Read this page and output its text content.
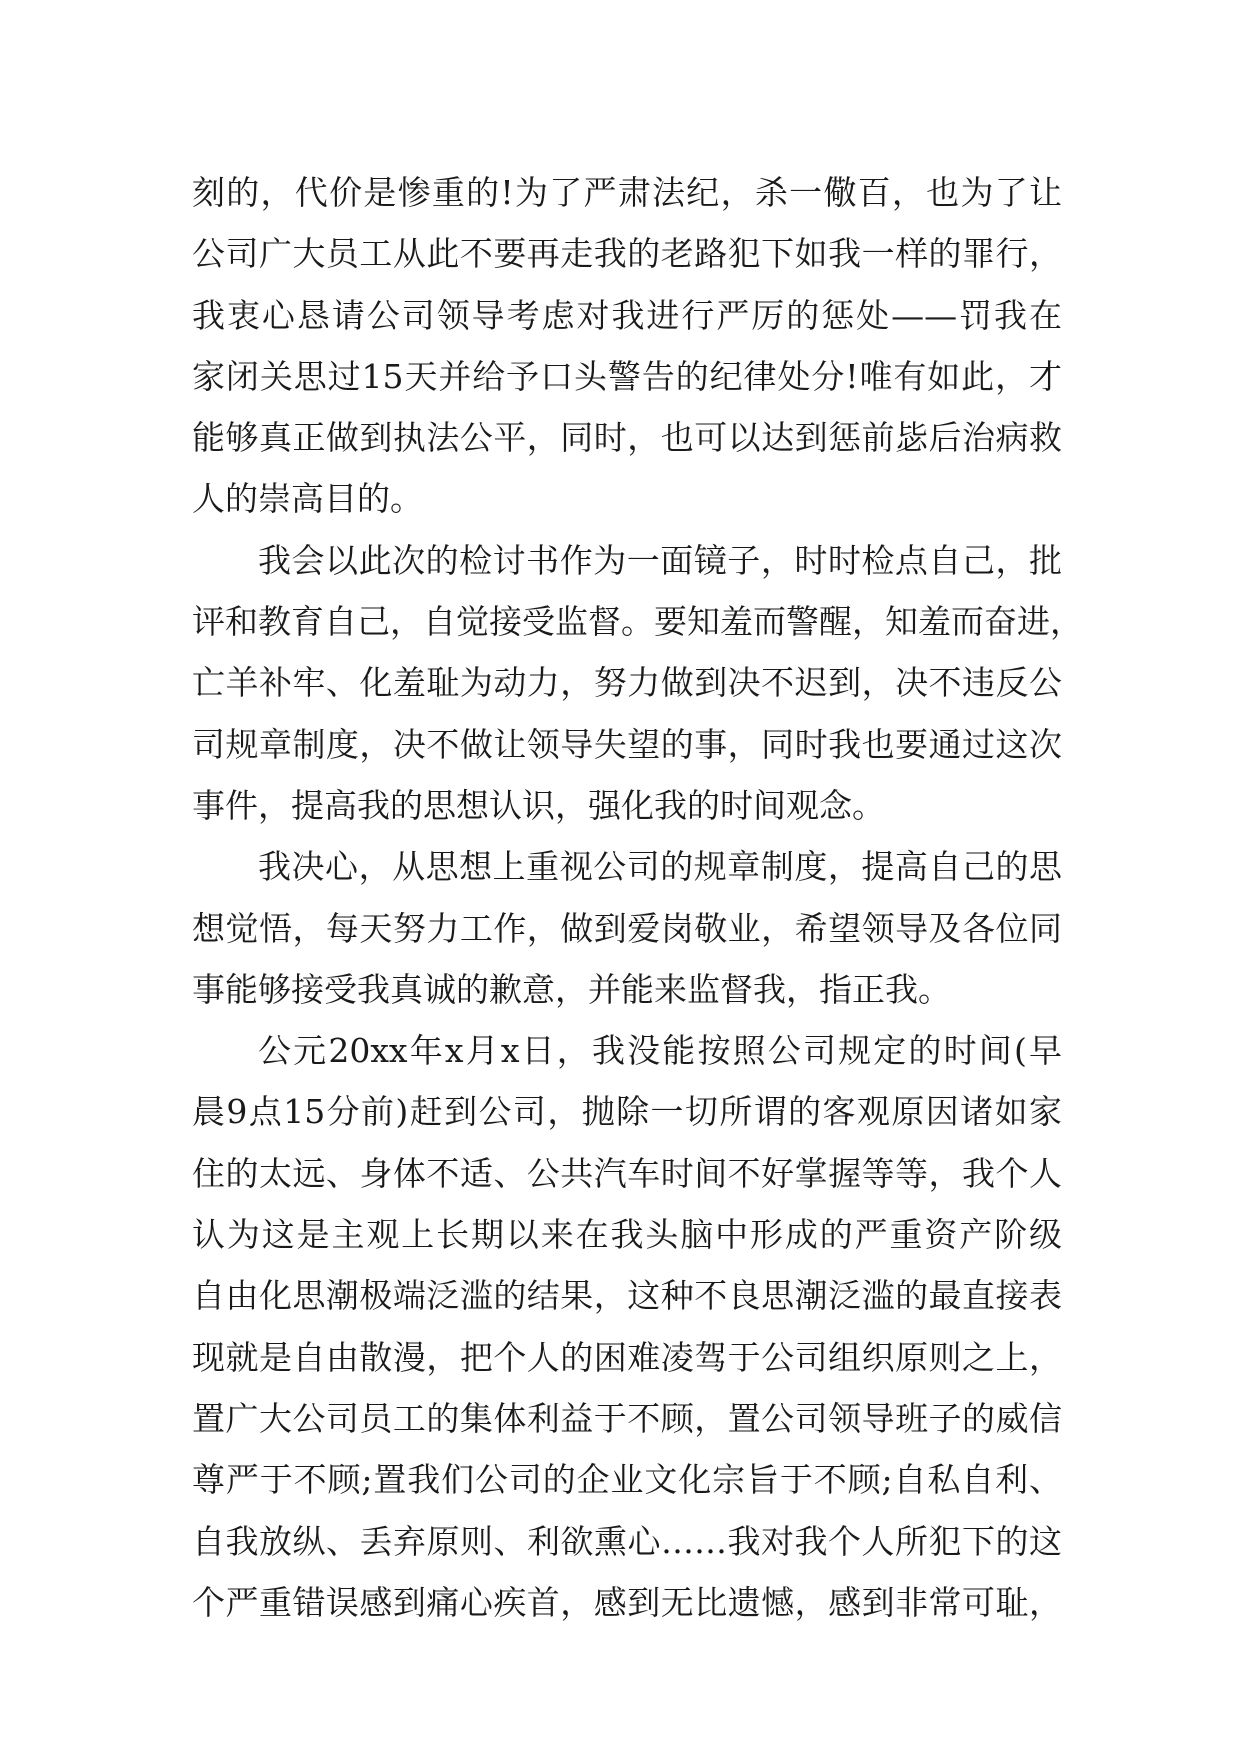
刻的，代价是惨重的!为了严肃法纪，杀一儆百，也为了让
公司广大员工从此不要再走我的老路犯下如我一样的罪行，
我衷心恳请公司领导考虑对我进行严厉的惩处——罚我在
家闭关思过15天并给予口头警告的纪律处分!唯有如此，才
能够真正做到执法公平，同时，也可以达到惩前毖后治病救
人的崇高目的。
我会以此次的检讨书作为一面镜子，时时检点自己，批
评和教育自己，自觉接受监督。要知羞而警醒，知羞而奋进，
亡羊补牢、化羞耻为动力，努力做到决不迟到，决不违反公
司规章制度，决不做让领导失望的事，同时我也要通过这次
事件，提高我的思想认识，强化我的时间观念。
我决心，从思想上重视公司的规章制度，提高自己的思
想觉悟，每天努力工作，做到爱岗敬业，希望领导及各位同
事能够接受我真诚的歉意，并能来监督我，指正我。
公元20xx年x月x日，我没能按照公司规定的时间(早
晨9点15分前)赶到公司，抛除一切所谓的客观原因诸如家
住的太远、身体不适、公共汽车时间不好掌握等等，我个人
认为这是主观上长期以来在我头脑中形成的严重资产阶级
自由化思潮极端泛滥的结果，这种不良思潮泛滥的最直接表
现就是自由散漫，把个人的困难凌驾于公司组织原则之上，
置广大公司员工的集体利益于不顾，置公司领导班子的威信
尊严于不顾;置我们公司的企业文化宗旨于不顾;自私自利、
自我放纵、丢弃原则、利欲熏心……我对我个人所犯下的这
个严重错误感到痛心疾首，感到无比遗憾，感到非常可耻，
